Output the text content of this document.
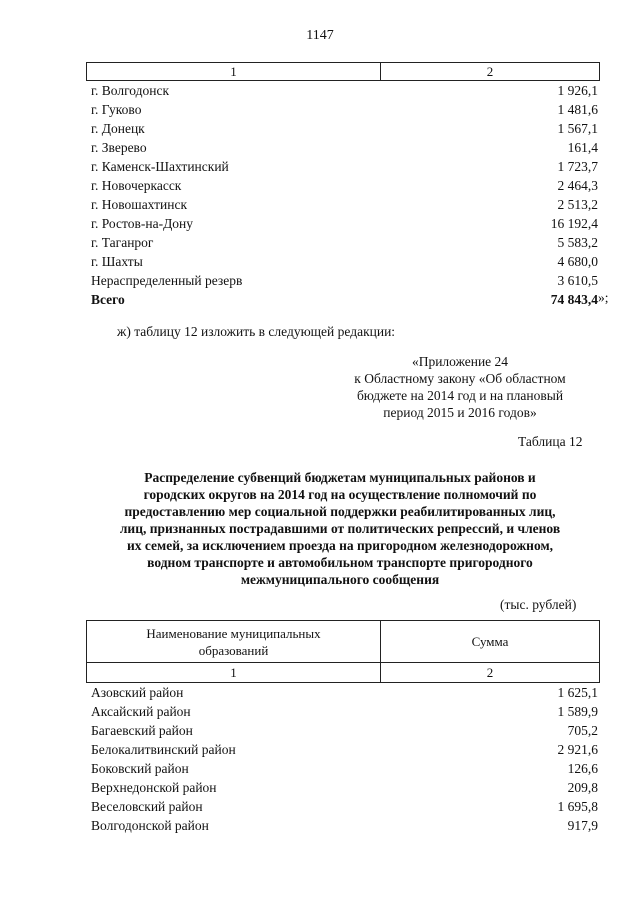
1147
1	2
г. Волгодонск	1 926,1
г. Гуково	1 481,6
г. Донецк	1 567,1
г. Зверево	161,4
г. Каменск-Шахтинский	1 723,7
г. Новочеркасск	2 464,3
г. Новошахтинск	2 513,2
г. Ростов-на-Дону	16 192,4
г. Таганрог	5 583,2
г. Шахты	4 680,0
Нераспределенный резерв	3 610,5
Всего	74 843,4 »;
ж) таблицу 12 изложить в следующей редакции:
«Приложение 24
к Областному закону «Об областном
бюджете на 2014 год и на плановый
период 2015 и 2016 годов»
Таблица 12
Распределение субвенций бюджетам муниципальных районов и
городских округов на 2014 год на осуществление полномочий по
предоставлению мер социальной поддержки реабилитированных лиц,
лиц, признанных пострадавшими от политических репрессий, и членов
их семей, за исключением проезда на пригородном железнодорожном,
водном транспорте и автомобильном транспорте пригородного
межмуниципального сообщения
(тыс. рублей)
Наименование муниципальных
образований
Сумма
1	2
Азовский район	1 625,1
Аксайский район	1 589,9
Багаевский район	705,2
Белокалитвинский район	2 921,6
Боковский район	126,6
Верхнедонской район	209,8
Веселовский район	1 695,8
Волгодонской район	917,9
